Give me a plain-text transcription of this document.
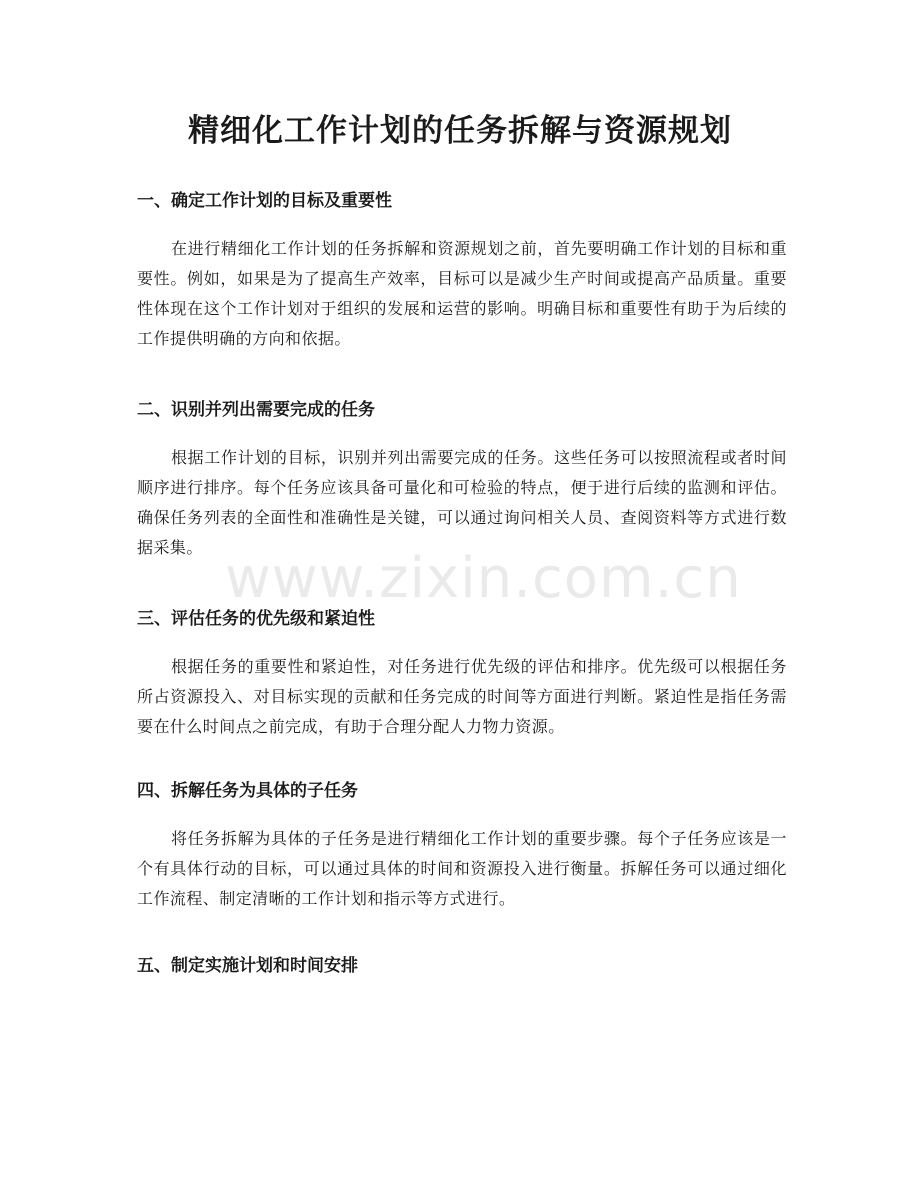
精细化工作计划的任务拆解与资源规划
一、确定工作计划的目标及重要性

在进行精细化工作计划的任务拆解和资源规划之前，首先要明确工作计划的目标和重要性。例如，如果是为了提高生产效率，目标可以是减少生产时间或提高产品质量。重要性体现在这个工作计划对于组织的发展和运营的影响。明确目标和重要性有助于为后续的工作提供明确的方向和依据。

二、识别并列出需要完成的任务

根据工作计划的目标，识别并列出需要完成的任务。这些任务可以按照流程或者时间顺序进行排序。每个任务应该具备可量化和可检验的特点，便于进行后续的监测和评估。确保任务列表的全面性和准确性是关键，可以通过询问相关人员、查阅资料等方式进行数据采集。

三、评估任务的优先级和紧迫性

根据任务的重要性和紧迫性，对任务进行优先级的评估和排序。优先级可以根据任务所占资源投入、对目标实现的贡献和任务完成的时间等方面进行判断。紧迫性是指任务需要在什么时间点之前完成，有助于合理分配人力物力资源。

四、拆解任务为具体的子任务

将任务拆解为具体的子任务是进行精细化工作计划的重要步骤。每个子任务应该是一个有具体行动的目标，可以通过具体的时间和资源投入进行衡量。拆解任务可以通过细化工作流程、制定清晰的工作计划和指示等方式进行。

五、制定实施计划和时间安排
www.zixin.com.cn
